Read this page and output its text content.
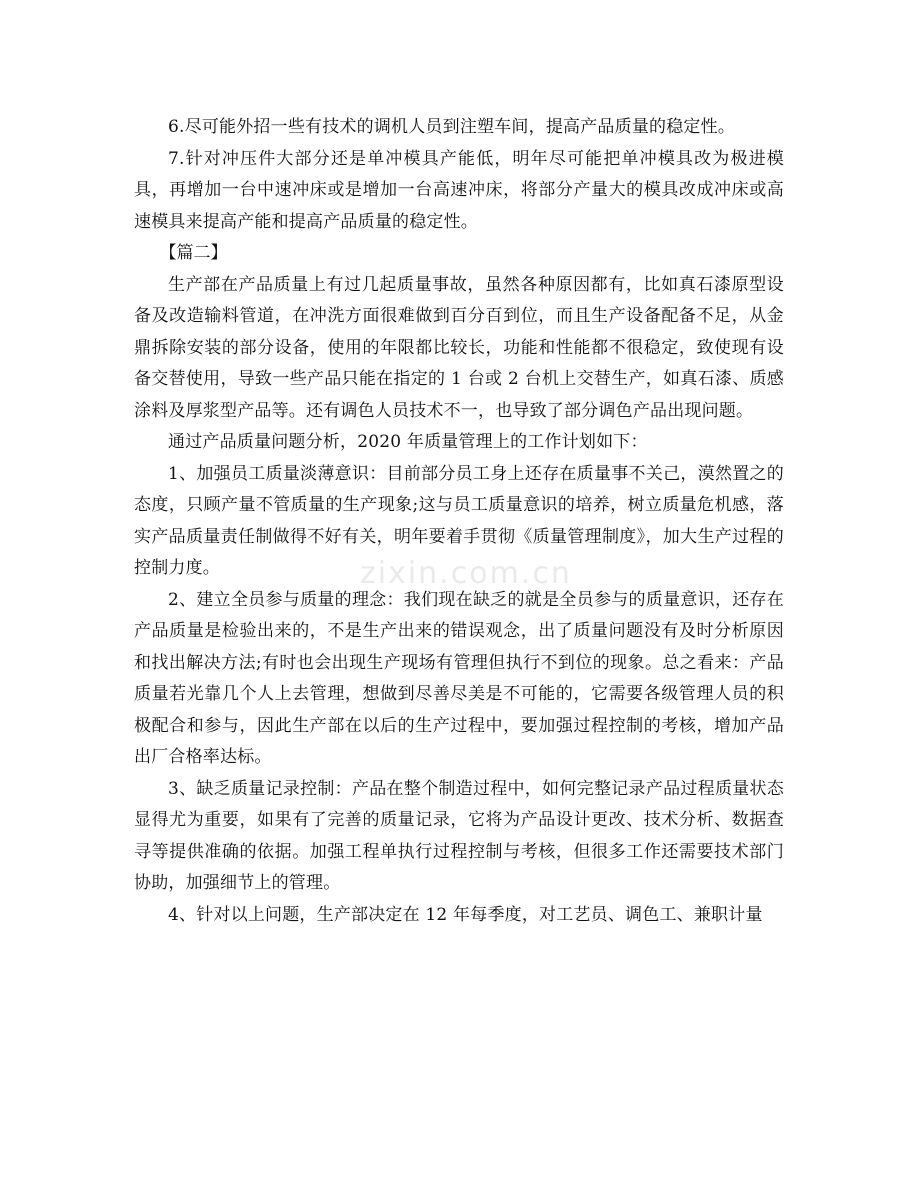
6.尽可能外招一些有技术的调机人员到注塑车间，提高产品质量的稳定性。

7.针对冲压件大部分还是单冲模具产能低，明年尽可能把单冲模具改为极进模具，再增加一台中速冲床或是增加一台高速冲床，将部分产量大的模具改成冲床或高速模具来提高产能和提高产品质量的稳定性。

【篇二】

生产部在产品质量上有过几起质量事故，虽然各种原因都有，比如真石漆原型设备及改造输料管道，在冲洗方面很难做到百分百到位，而且生产设备配备不足，从金鼎拆除安装的部分设备，使用的年限都比较长，功能和性能都不很稳定，致使现有设备交替使用，导致一些产品只能在指定的 1 台或 2 台机上交替生产，如真石漆、质感涂料及厚浆型产品等。还有调色人员技术不一，也导致了部分调色产品出现问题。

通过产品质量问题分析，2020 年质量管理上的工作计划如下：

1、加强员工质量淡薄意识：目前部分员工身上还存在质量事不关己，漠然置之的态度，只顾产量不管质量的生产现象;这与员工质量意识的培养，树立质量危机感，落实产品质量责任制做得不好有关，明年要着手贯彻《质量管理制度》，加大生产过程的控制力度。

2、建立全员参与质量的理念：我们现在缺乏的就是全员参与的质量意识，还存在产品质量是检验出来的，不是生产出来的错误观念，出了质量问题没有及时分析原因和找出解决方法;有时也会出现生产现场有管理但执行不到位的现象。总之看来：产品质量若光靠几个人上去管理，想做到尽善尽美是不可能的，它需要各级管理人员的积极配合和参与，因此生产部在以后的生产过程中，要加强过程控制的考核，增加产品出厂合格率达标。

3、缺乏质量记录控制：产品在整个制造过程中，如何完整记录产品过程质量状态显得尤为重要，如果有了完善的质量记录，它将为产品设计更改、技术分析、数据查寻等提供准确的依据。加强工程单执行过程控制与考核，但很多工作还需要技术部门协助，加强细节上的管理。

4、针对以上问题，生产部决定在 12 年每季度，对工艺员、调色工、兼职计量

zixin.com.cn
